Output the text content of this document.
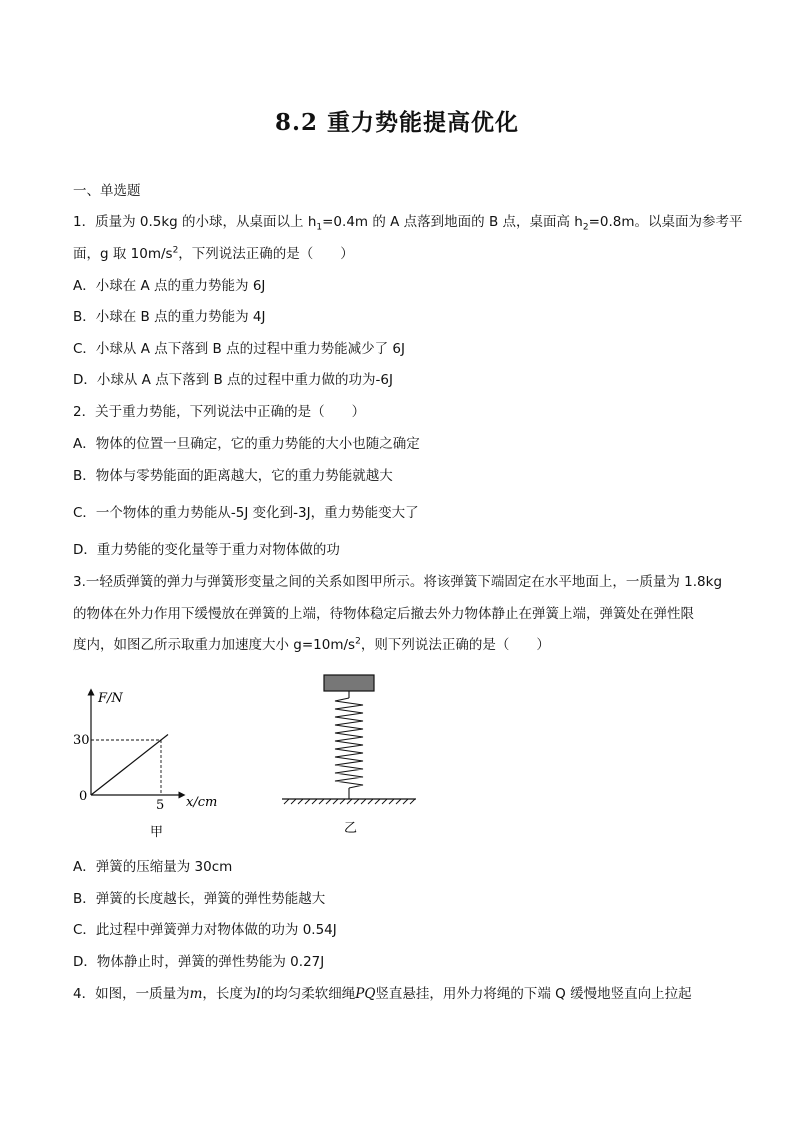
8.2 重力势能提高优化
一、单选题
1．质量为 0.5kg 的小球，从桌面以上 $h_1=0.4m$ 的 A 点落到地面的 B 点，桌面高 $h_2=0.8m$。以桌面为参考平
面，g 取 $10m/s^2$，下列说法正确的是（　　）
A．小球在 A 点的重力势能为 6J
B．小球在 B 点的重力势能为 4J
C．小球从 A 点下落到 B 点的过程中重力势能减少了 6J
D．小球从 A 点下落到 B 点的过程中重力做的功为-6J
2．关于重力势能，下列说法中正确的是（　　）
A．物体的位置一旦确定，它的重力势能的大小也随之确定
B．物体与零势能面的距离越大，它的重力势能就越大
C．一个物体的重力势能从-5J 变化到-3J，重力势能变大了
D．重力势能的变化量等于重力对物体做的功
3.一轻质弹簧的弹力与弹簧形变量之间的关系如图甲所示。将该弹簧下端固定在水平地面上，一质量为 1.8kg
的物体在外力作用下缓慢放在弹簧的上端，待物体稳定后撤去外力物体静止在弹簧上端，弹簧处在弹性限
度内，如图乙所示取重力加速度大小 $g=10m/s^2$，则下列说法正确的是（　　）
F/N
x/cm
30
5
0
甲	乙
A．弹簧的压缩量为 30cm
B．弹簧的长度越长，弹簧的弹性势能越大
C．此过程中弹簧弹力对物体做的功为 0.54J
D．物体静止时，弹簧的弹性势能为 0.27J
4．如图，一质量为m，长度为l的均匀柔软细绳PQ竖直悬挂，用外力将绳的下端 Q 缓慢地竖直向上拉起
